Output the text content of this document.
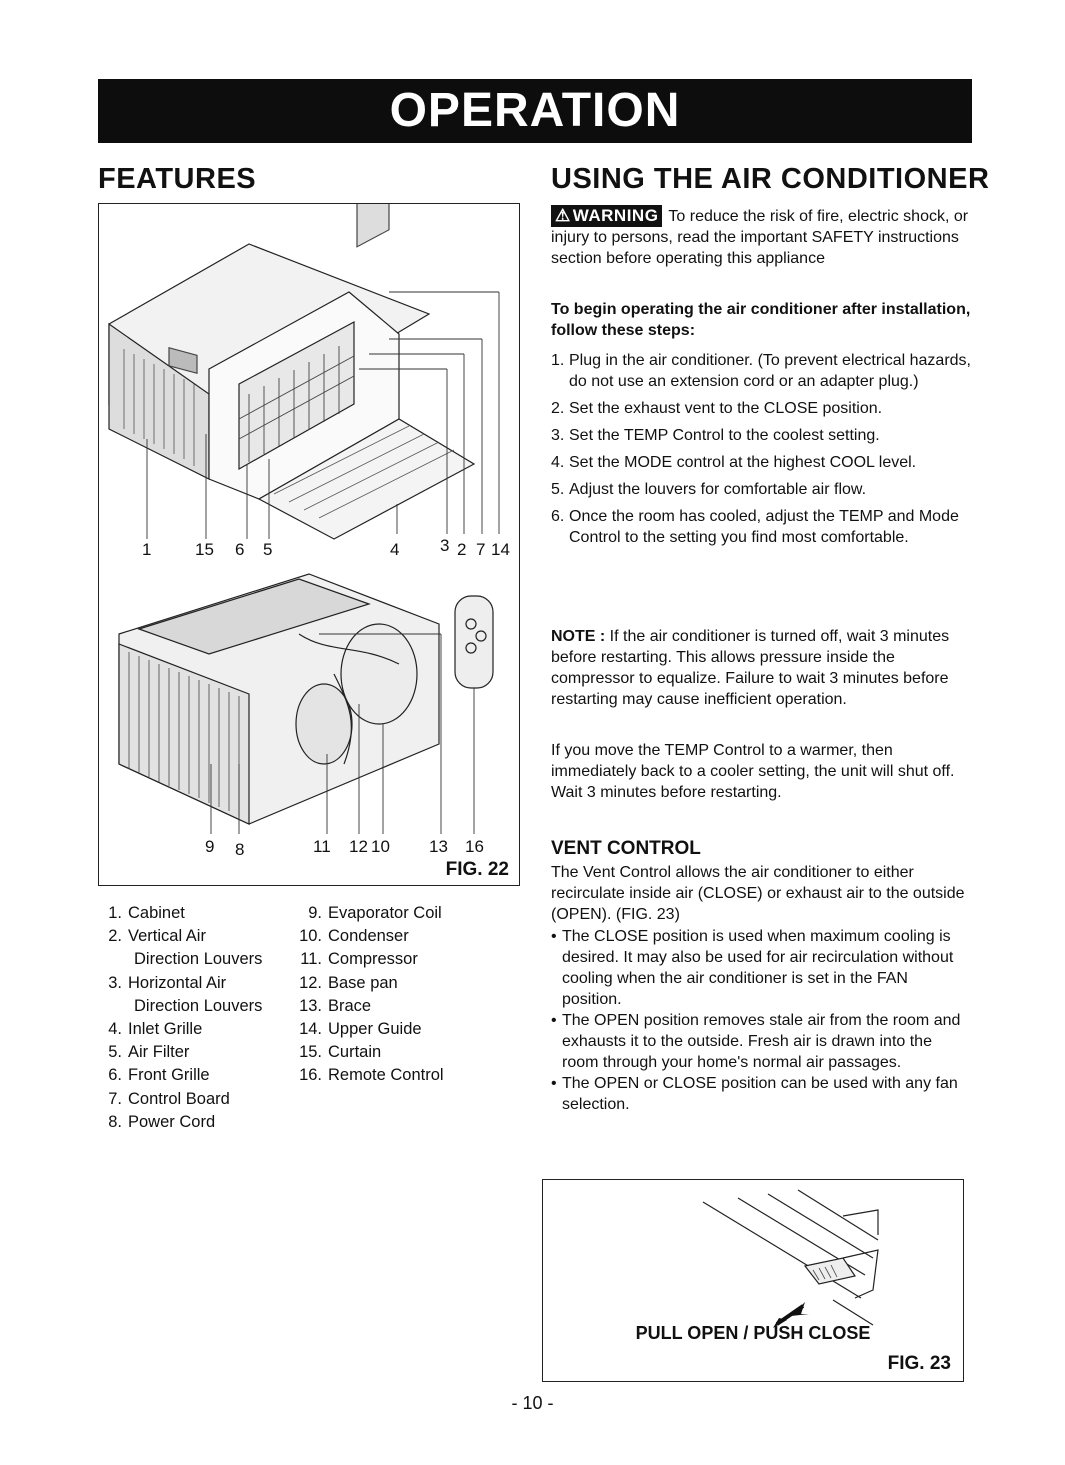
OPERATION
FEATURES	USING THE AIR CONDITIONER
1	15 6 5	4 3 2 7 14
9 8	11 12 10 13 16
FIG. 22
1. Cabinet
2. Vertical Air
Direction Louvers
3. Horizontal Air
Direction Louvers
4. Inlet Grille
5. Air Filter
6. Front Grille
7. Control Board
8. Power Cord
9. Evaporator Coil
10. Condenser
11. Compressor
12. Base pan
13. Brace
14. Upper Guide
15. Curtain
16. Remote Control
⚠ WARNING To reduce the risk of fire, electric shock, or injury to persons, read the important SAFETY instructions section before operating this appliance
To begin operating the air conditioner after installation, follow these steps:
1. Plug in the air conditioner. (To prevent electrical hazards, do not use an extension cord or an adapter plug.)
2. Set the exhaust vent to the CLOSE position.
3. Set the TEMP Control to the coolest setting.
4. Set the MODE control at the highest COOL level.
5. Adjust the louvers for comfortable air flow.
6. Once the room has cooled, adjust the TEMP and Mode Control to the setting you find most comfortable.
NOTE : If the air conditioner is turned off, wait 3 minutes before restarting. This allows pressure inside the compressor to equalize. Failure to wait 3 minutes before restarting may cause inefficient operation.
If you move the TEMP Control to a warmer, then immediately back to a cooler setting, the unit will shut off. Wait 3 minutes before restarting.
VENT CONTROL
The Vent Control allows the air conditioner to either recirculate inside air (CLOSE) or exhaust air to the outside (OPEN). (FIG. 23)
• The CLOSE position is used when maximum cooling is desired. It may also be used for air recirculation without cooling when the air conditioner is set in the FAN position.
• The OPEN position removes stale air from the room and exhausts it to the outside. Fresh air is drawn into the room through your home's normal air passages.
• The OPEN or CLOSE position can be used with any fan selection.
PULL OPEN / PUSH CLOSE
FIG. 23
- 10 -
